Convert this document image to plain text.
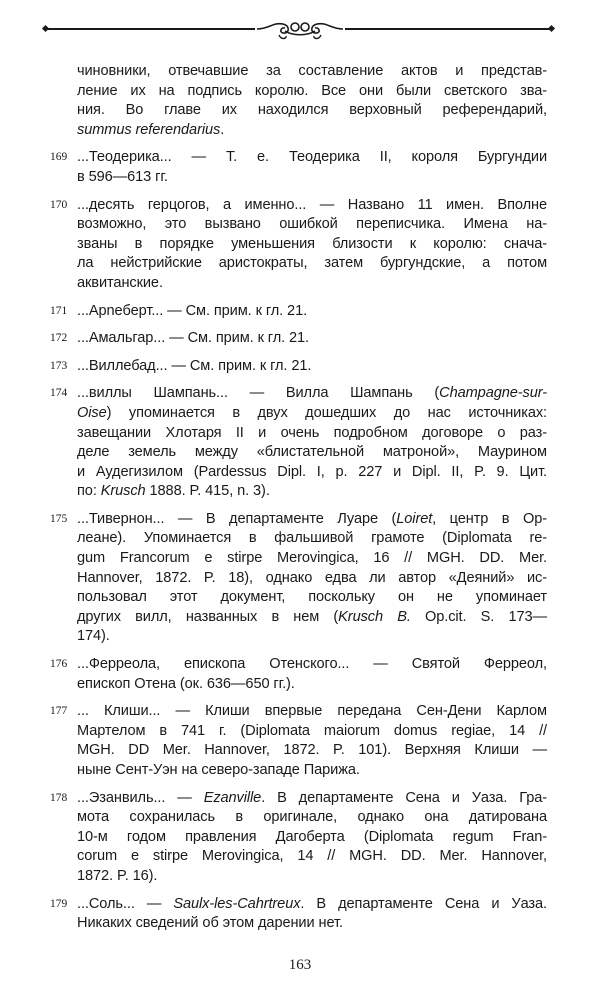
чиновники, отвечавшие за составление актов и представ-
ление их на подпись королю. Все они были светского зва-
ния. Во главе их находился верховный референдарий,
summus referendarius.
169 ...Теодерика... — Т. е. Теодерика II, короля Бургундии
в 596—613 гг.
170 ...десять герцогов, а именно... — Названо 11 имен. Вполне
возможно, это вызвано ошибкой переписчика. Имена на-
званы в порядке уменьшения близости к королю: снача-
ла нейстрийские аристократы, затем бургундские, а потом
аквитанские.
171 ...Арneберт... — См. прим. к гл. 21.
172 ...Амальгар... — См. прим. к гл. 21.
173 ...Виллебад... — См. прим. к гл. 21.
174 ...виллы Шампань... — Вилла Шампань (Champagne-sur-
Oise) упоминается в двух дошедших до нас источниках:
завещании Хлотаря II и очень подробном договоре о раз-
деле земель между «блистательной матроной», Маурином
и Аудегизилом (Pardessus Dipl. I, p. 227 и Dipl. II, P. 9. Цит.
по: Krusch 1888. P. 415, n. 3).
175 ...Тивернон... — В департаменте Луаре (Loiret, центр в Ор-
леане). Упоминается в фальшивой грамоте (Diplomata re-
gum Francorum e stirpe Merovingica, 16 // MGH. DD. Mer.
Hannover, 1872. P. 18), однако едва ли автор «Деяний» ис-
пользовал этот документ, поскольку он не упоминает
других вилл, названных в нем (Krusch B. Op.cit. S. 173—
174).
176 ...Ферреола, епископа Отенского... — Святой Ферреол,
епископ Отена (ок. 636—650 гг.).
177 ... Клиши... — Клиши впервые передана Сен-Дени Карлом
Мартелом в 741 г. (Diplomata maiorum domus regiae, 14 //
MGH. DD Mer. Hannover, 1872. P. 101). Верхняя Клиши —
ныне Сент-Уэн на северо-западе Парижа.
178 ...Эзанвиль... — Ezanville. В департаменте Сена и Уаза. Гра-
мота сохранилась в оригинале, однако она датирована
10-м годом правления Дагоберта (Diplomata regum Fran-
corum e stirpe Merovingica, 14 // MGH. DD. Mer. Hannover,
1872. P. 16).
179 ...Соль... — Saulx-les-Cahrtreux. В департаменте Сена и Уаза.
Никаких сведений об этом дарении нет.
163
